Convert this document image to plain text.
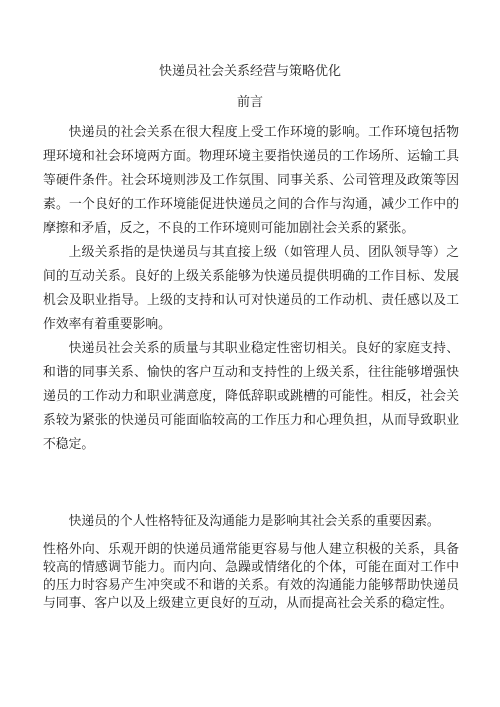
快递员社会关系经营与策略优化
前言

快递员的社会关系在很大程度上受工作环境的影响。工作环境包括物理环境和社会环境两方面。物理环境主要指快递员的工作场所、运输工具等硬件条件。社会环境则涉及工作氛围、同事关系、公司管理及政策等因素。一个良好的工作环境能促进快递员之间的合作与沟通，减少工作中的摩擦和矛盾，反之，不良的工作环境则可能加剧社会关系的紧张。

上级关系指的是快递员与其直接上级（如管理人员、团队领导等）之间的互动关系。良好的上级关系能够为快递员提供明确的工作目标、发展机会及职业指导。上级的支持和认可对快递员的工作动机、责任感以及工作效率有着重要影响。

快递员社会关系的质量与其职业稳定性密切相关。良好的家庭支持、和谐的同事关系、愉快的客户互动和支持性的上级关系，往往能够增强快递员的工作动力和职业满意度，降低辞职或跳槽的可能性。相反，社会关系较为紧张的快递员可能面临较高的工作压力和心理负担，从而导致职业不稳定。

快递员的个人性格特征及沟通能力是影响其社会关系的重要因素。

性格外向、乐观开朗的快递员通常能更容易与他人建立积极的关系，具备较高的情感调节能力。而内向、急躁或情绪化的个体，可能在面对工作中的压力时容易产生冲突或不和谐的关系。有效的沟通能力能够帮助快递员与同事、客户以及上级建立更良好的互动，从而提高社会关系的稳定性。
